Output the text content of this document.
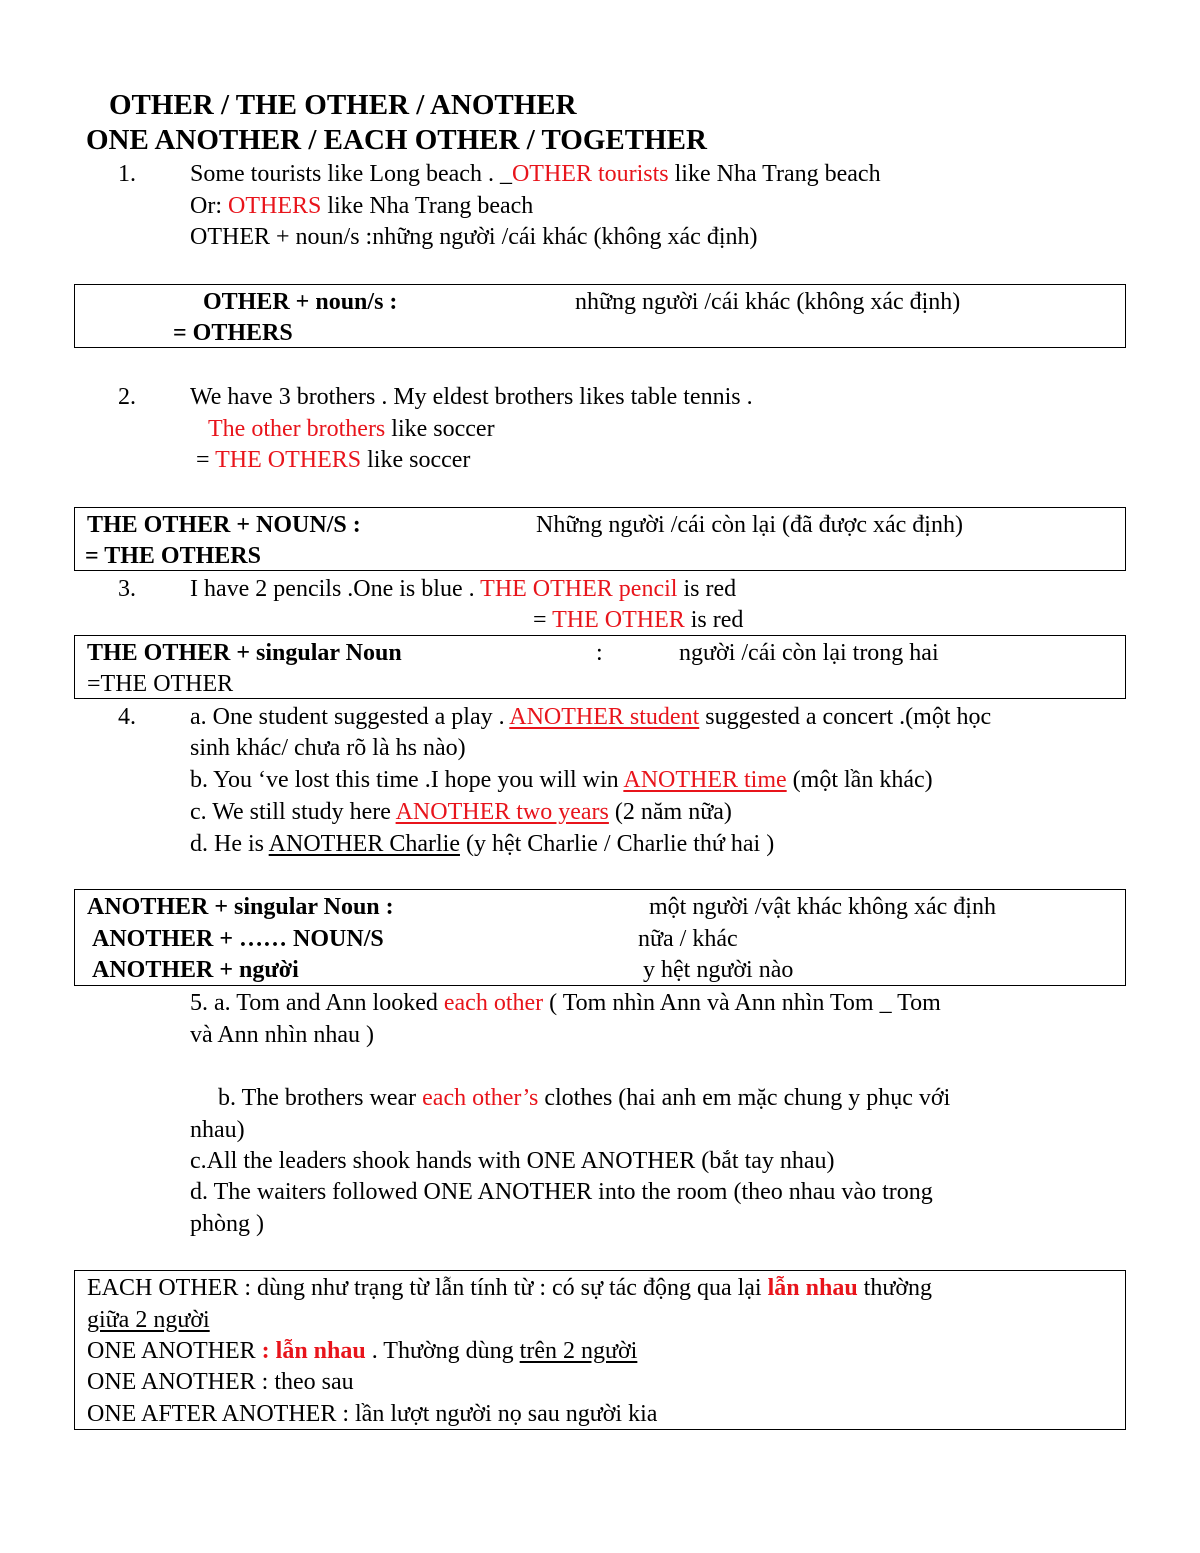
OTHER / THE OTHER / ANOTHER
ONE ANOTHER / EACH OTHER / TOGETHER
1. Some tourists like Long beach . _OTHER tourists like Nha Trang beach
Or: OTHERS like Nha Trang beach
OTHER + noun/s :những người /cái khác (không xác định)
OTHER + noun/s :	những người /cái khác (không xác định)
= OTHERS
2. We have 3 brothers . My eldest brothers likes table tennis .
The other brothers like soccer
= THE OTHERS like soccer
THE OTHER + NOUN/S :	Những người /cái còn lại (đã được xác định)
= THE OTHERS
3. I have 2 pencils .One is blue . THE OTHER pencil is red
= THE OTHER is red
THE OTHER + singular Noun	:	người /cái còn lại trong hai
=THE OTHER
4. a. One student suggested a play . ANOTHER student suggested a concert .(một học
sinh khác/ chưa rõ là hs nào)
b. You ‘ve lost this time .I hope you will win ANOTHER time (một lần khác)
c. We still study here ANOTHER two years (2 năm nữa)
d. He is ANOTHER Charlie (y hệt Charlie / Charlie thứ hai )
ANOTHER + singular Noun :	một người /vật khác không xác định
ANOTHER + …… NOUN/S	nữa / khác
ANOTHER + người	y hệt người nào
5. a. Tom and Ann looked each other ( Tom nhìn Ann và Ann nhìn Tom _ Tom
và Ann nhìn nhau )
b. The brothers wear each other’s clothes (hai anh em mặc chung y phục với
nhau)
c.All the leaders shook hands with ONE ANOTHER (bắt tay nhau)
d. The waiters followed ONE ANOTHER into the room (theo nhau vào trong
phòng )
EACH OTHER : dùng như trạng từ lẫn tính từ : có sự tác động qua lại lẫn nhau thường
giữa 2 người
ONE ANOTHER : lẫn nhau . Thường dùng trên 2 người
ONE ANOTHER : theo sau
ONE AFTER ANOTHER : lần lượt người nọ sau người kia
